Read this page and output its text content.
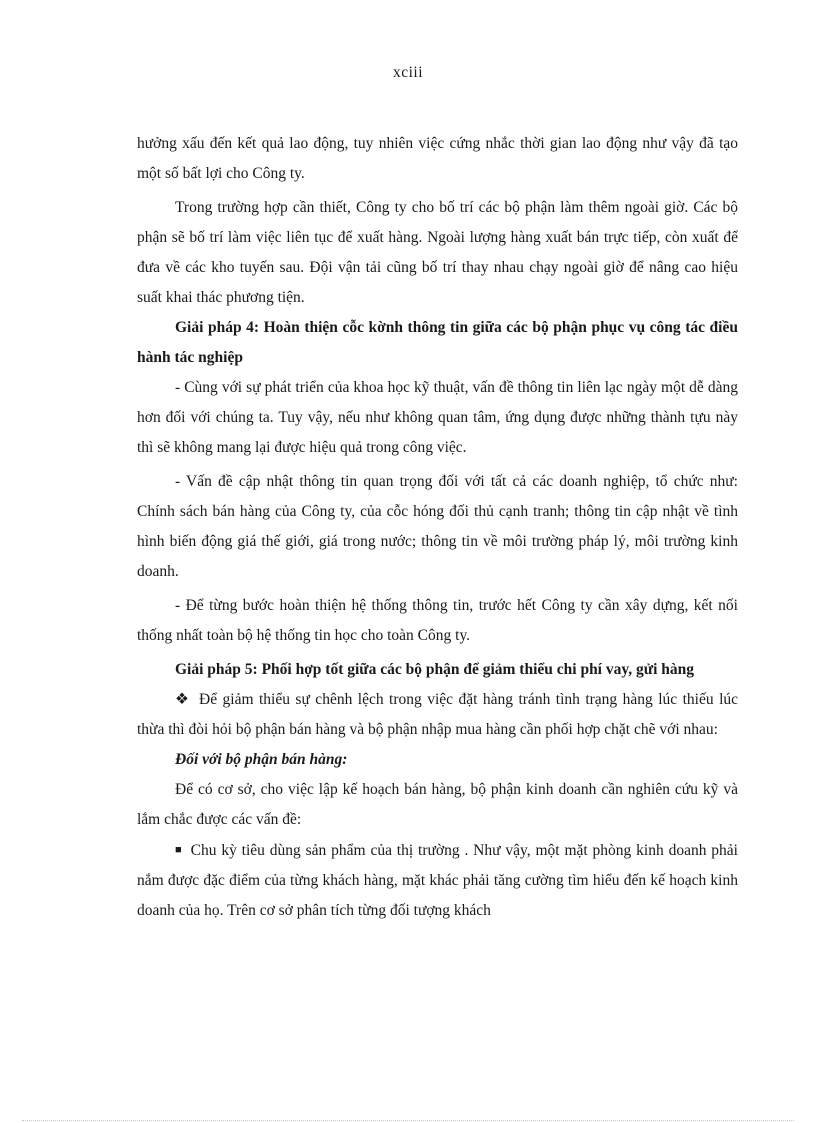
xciii

hưởng xấu đến kết quả lao động, tuy nhiên việc cứng nhắc thời gian lao động như vậy đã tạo một số bất lợi cho Công ty.

Trong trường hợp cần thiết, Công ty cho bố trí các bộ phận làm thêm ngoài giờ. Các bộ phận sẽ bố trí làm việc liên tục để xuất hàng. Ngoài lượng hàng xuất bán trực tiếp, còn xuất để đưa về các kho tuyến sau. Đội vận tải cũng bố trí thay nhau chạy ngoài giờ để nâng cao hiệu suất khai thác phương tiện.

Giải pháp 4: Hoàn thiện cỗc kờnh thông tin giữa các bộ phận phục vụ công tác điều hành tác nghiệp

- Cùng với sự phát triển của khoa học kỹ thuật, vấn đề thông tin liên lạc ngày một dễ dàng hơn đối với chúng ta. Tuy vậy, nếu như không quan tâm, ứng dụng được những thành tựu này thì sẽ không mang lại được hiệu quả trong công việc.

- Vấn đề cập nhật thông tin quan trọng đối với tất cả các doanh nghiệp, tổ chức như: Chính sách bán hàng của Công ty, của cỗc hóng đối thủ cạnh tranh; thông tin cập nhật về tình hình biến động giá thế giới, giá trong nước; thông tin về môi trường pháp lý, môi trường kinh doanh.

- Để từng bước hoàn thiện hệ thống thông tin, trước hết Công ty cần xây dựng, kết nối thống nhất toàn bộ hệ thống tin học cho toàn Công ty.

Giải pháp 5: Phối hợp tốt giữa các bộ phận để giảm thiểu chi phí vay, gửi hàng

❖ Để giảm thiểu sự chênh lệch trong việc đặt hàng tránh tình trạng hàng lúc thiếu lúc thừa thì đòi hỏi bộ phận bán hàng và bộ phận nhập mua hàng cần phối hợp chặt chẽ với nhau:

Đối với bộ phận bán hàng:

Để có cơ sở, cho việc lập kế hoạch bán hàng, bộ phận kinh doanh cần nghiên cứu kỹ và lắm chắc được các vấn đề:

■ Chu kỳ tiêu dùng sản phẩm của thị trường . Như vậy, một mặt phòng kinh doanh phải nắm được đặc điểm của từng khách hàng, mặt khác phải tăng cường tìm hiểu đến kế hoạch kinh doanh của họ. Trên cơ sở phân tích từng đối tượng khách
